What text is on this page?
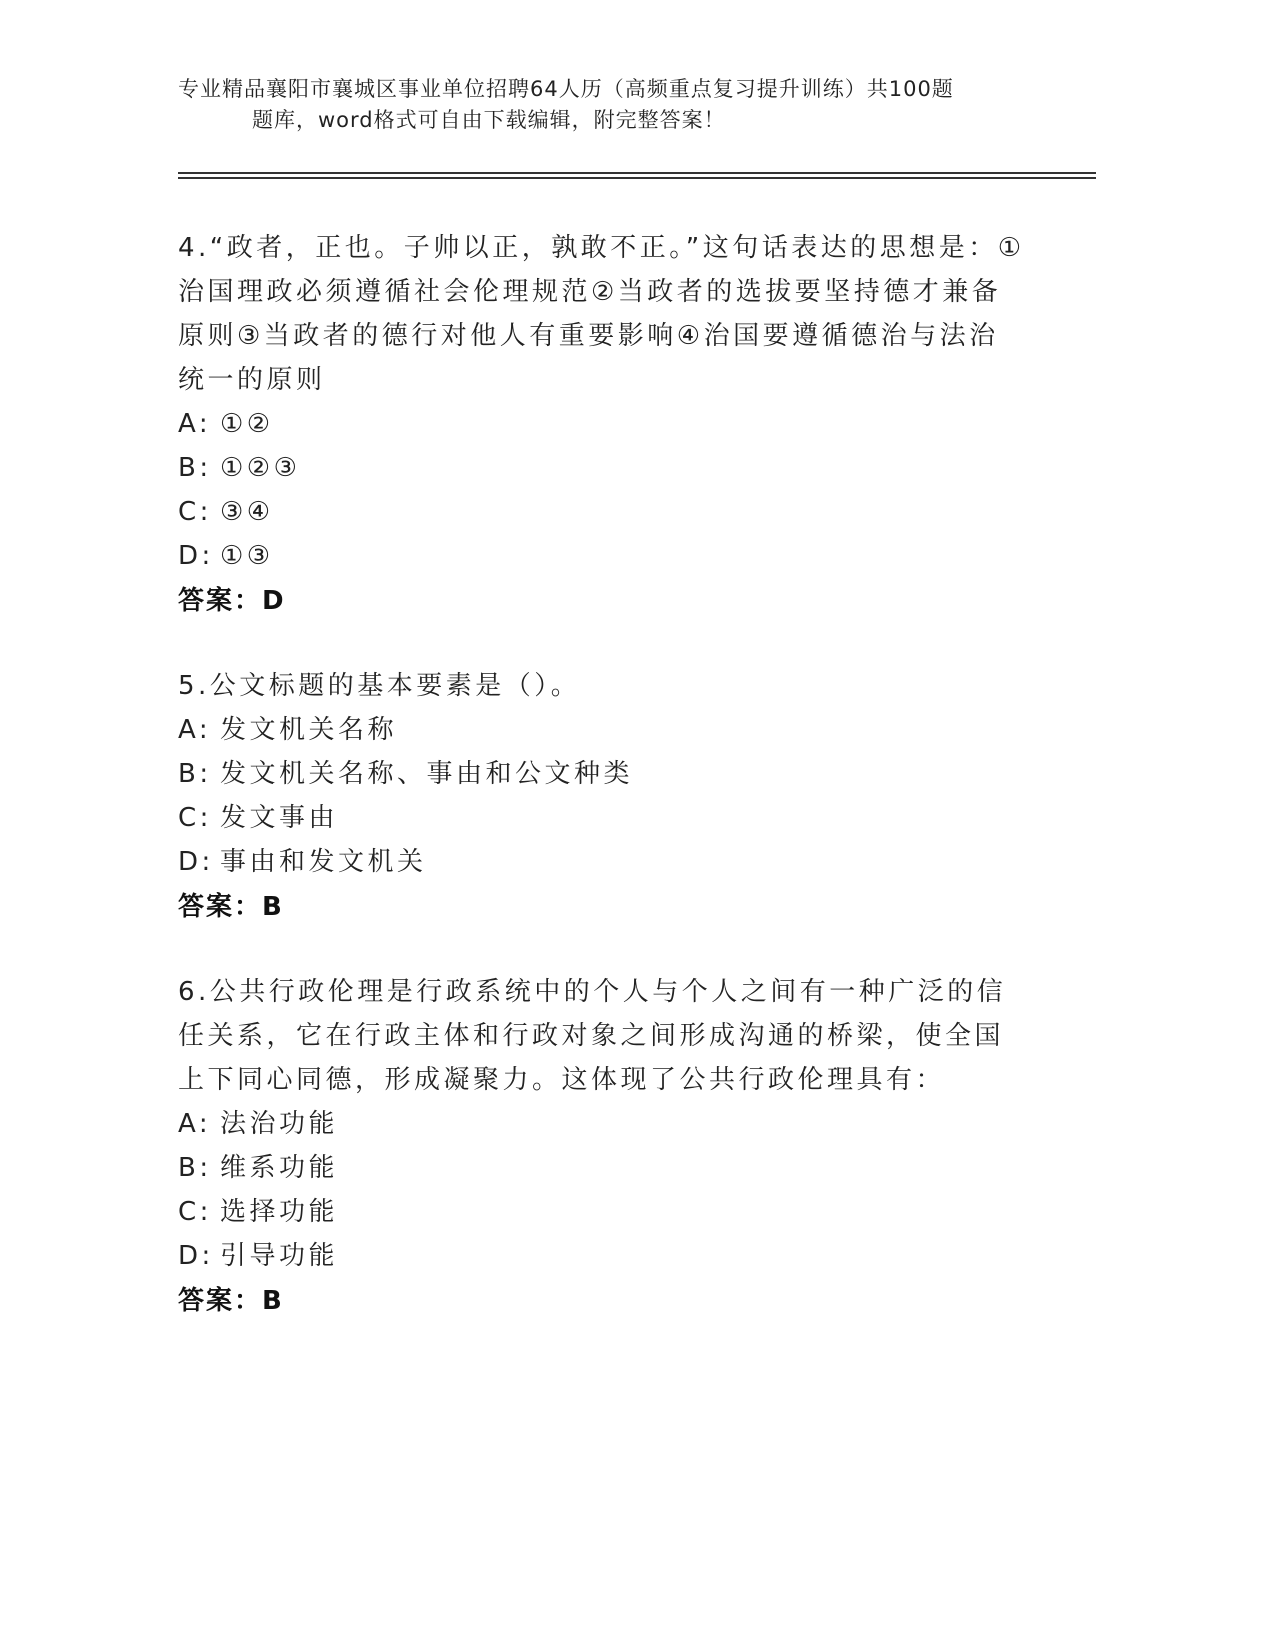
专业精品襄阳市襄城区事业单位招聘64人历（高频重点复习提升训练）共100题
题库，word格式可自由下载编辑，附完整答案！
4.“政者，正也。子帅以正，孰敢不正。”这句话表达的思想是：①治国理政必须遵循社会伦理规范②当政者的选拔要坚持德才兼备原则③当政者的德行对他人有重要影响④治国要遵循德治与法治统一的原则
A: ①②
B: ①②③
C: ③④
D: ①③
答案：D
5.公文标题的基本要素是（）。
A: 发文机关名称
B: 发文机关名称、事由和公文种类
C: 发文事由
D: 事由和发文机关
答案：B
6.公共行政伦理是行政系统中的个人与个人之间有一种广泛的信任关系，它在行政主体和行政对象之间形成沟通的桥梁，使全国上下同心同德，形成凝聚力。这体现了公共行政伦理具有：
A: 法治功能
B: 维系功能
C: 选择功能
D: 引导功能
答案：B
